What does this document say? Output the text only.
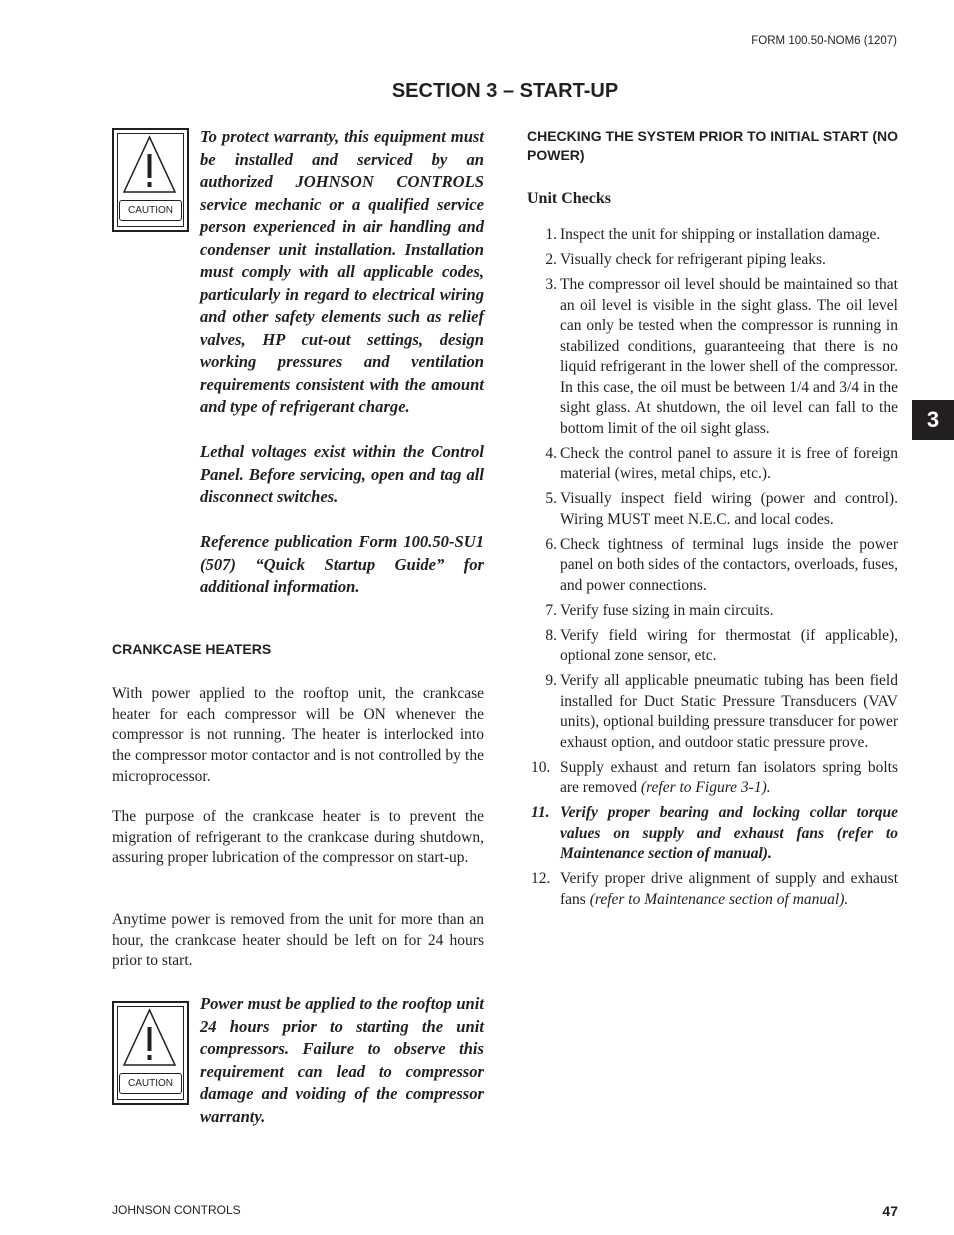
FORM 100.50-NOM6 (1207)
SECTION 3 – START-UP
CAUTION

To protect warranty, this equipment must be installed and serviced by an authorized JOHNSON CONTROLS service mechanic or a qualified service person experienced in air handling and condenser unit installation. Installation must comply with all applicable codes, particularly in regard to electrical wiring and other safety elements such as relief valves, HP cut-out settings, design working pressures and ventilation requirements consistent with the amount and type of refrigerant charge.

Lethal voltages exist within the Control Panel. Before servicing, open and tag all disconnect switches.

Reference publication Form 100.50-SU1 (507) “Quick Startup Guide” for additional information.

CRANKCASE HEATERS
With power applied to the rooftop unit, the crankcase heater for each compressor will be ON whenever the compressor is not running. The heater is interlocked into the compressor motor contactor and is not controlled by the microprocessor.
The purpose of the crankcase heater is to prevent the migration of refrigerant to the crankcase during shutdown, assuring proper lubrication of the compressor on start-up.
Anytime power is removed from the unit for more than an hour, the crankcase heater should be left on for 24 hours prior to start.
CAUTION

Power must be applied to the rooftop unit 24 hours prior to starting the unit compressors. Failure to observe this requirement can lead to compressor damage and voiding of the compressor warranty.

CHECKING THE SYSTEM PRIOR TO INITIAL START (NO POWER)
Unit Checks
1. Inspect the unit for shipping or installation damage.
2. Visually check for refrigerant piping leaks.
3. The compressor oil level should be maintained so that an oil level is visible in the sight glass. The oil level can only be tested when the compressor is running in stabilized conditions, guaranteeing that there is no liquid refrigerant in the lower shell of the compressor. In this case, the oil must be between 1/4 and 3/4 in the sight glass. At shutdown, the oil level can fall to the bottom limit of the oil sight glass.
4. Check the control panel to assure it is free of foreign material (wires, metal chips, etc.).
5. Visually inspect field wiring (power and control). Wiring MUST meet N.E.C. and local codes.
6. Check tightness of terminal lugs inside the power panel on both sides of the contactors, overloads, fuses, and power connections.
7. Verify fuse sizing in main circuits.
8. Verify field wiring for thermostat (if applicable), optional zone sensor, etc.
9. Verify all applicable pneumatic tubing has been field installed for Duct Static Pressure Transducers (VAV units), optional building pressure transducer for power exhaust option, and outdoor static pressure prove.
10. Supply exhaust and return fan isolators spring bolts are removed (refer to Figure 3-1).
11. Verify proper bearing and locking collar torque values on supply and exhaust fans (refer to Maintenance section of manual).
12. Verify proper drive alignment of supply and exhaust fans (refer to Maintenance section of manual).
3
JOHNSON CONTROLS	47
